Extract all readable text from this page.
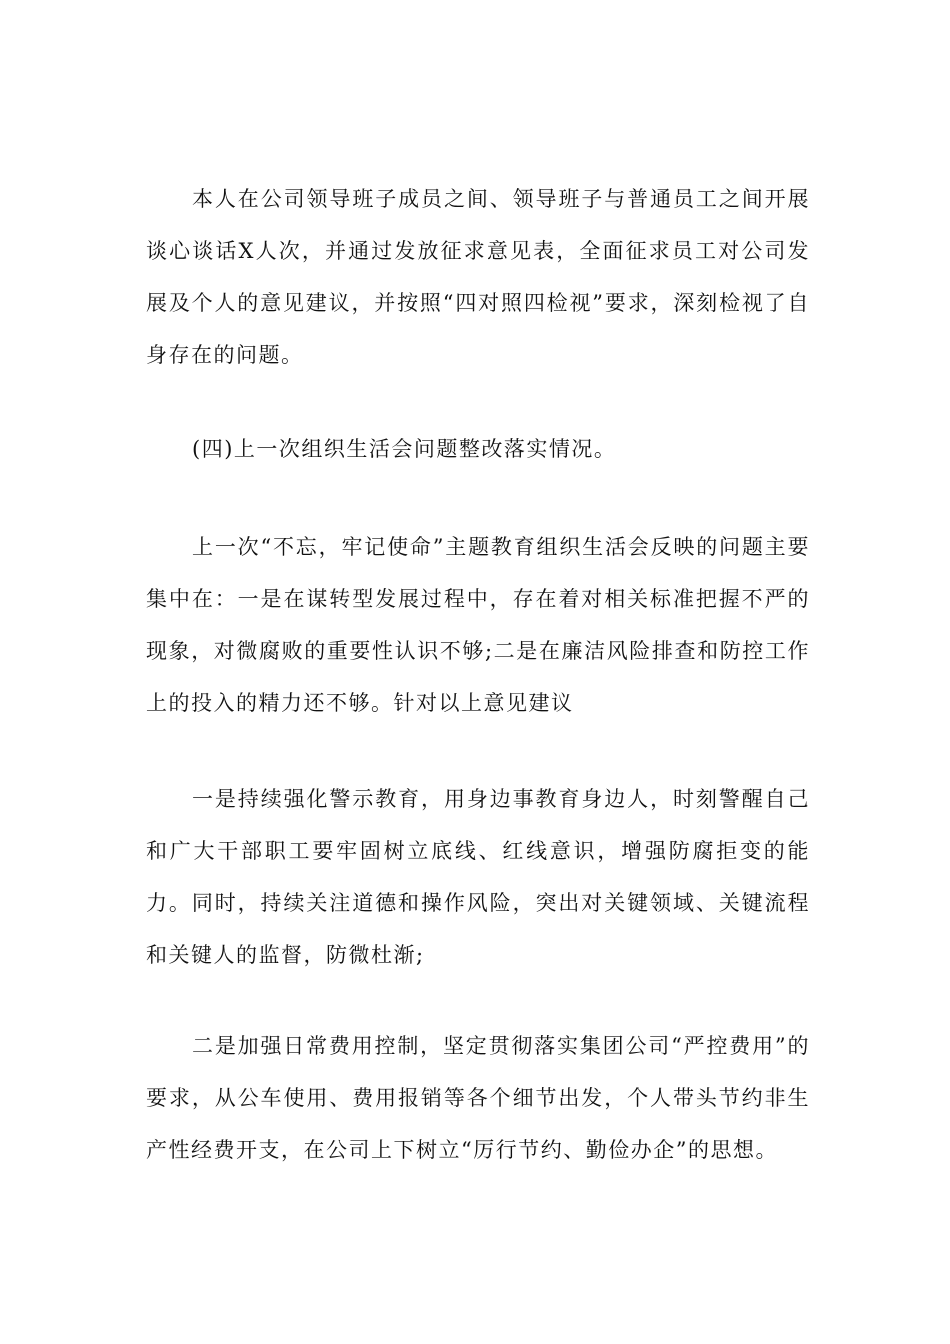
本人在公司领导班子成员之间、领导班子与普通员工之间开展谈心谈话X人次，并通过发放征求意见表，全面征求员工对公司发展及个人的意见建议，并按照“四对照四检视”要求，深刻检视了自身存在的问题。

(四)上一次组织生活会问题整改落实情况。

上一次“不忘，牢记使命”主题教育组织生活会反映的问题主要集中在：一是在谋转型发展过程中，存在着对相关标准把握不严的现象，对微腐败的重要性认识不够;二是在廉洁风险排查和防控工作上的投入的精力还不够。针对以上意见建议

一是持续强化警示教育，用身边事教育身边人，时刻警醒自己和广大干部职工要牢固树立底线、红线意识，增强防腐拒变的能力。同时，持续关注道德和操作风险，突出对关键领域、关键流程和关键人的监督，防微杜渐;

二是加强日常费用控制，坚定贯彻落实集团公司“严控费用”的要求，从公车使用、费用报销等各个细节出发，个人带头节约非生产性经费开支，在公司上下树立“厉行节约、勤俭办企”的思想。
